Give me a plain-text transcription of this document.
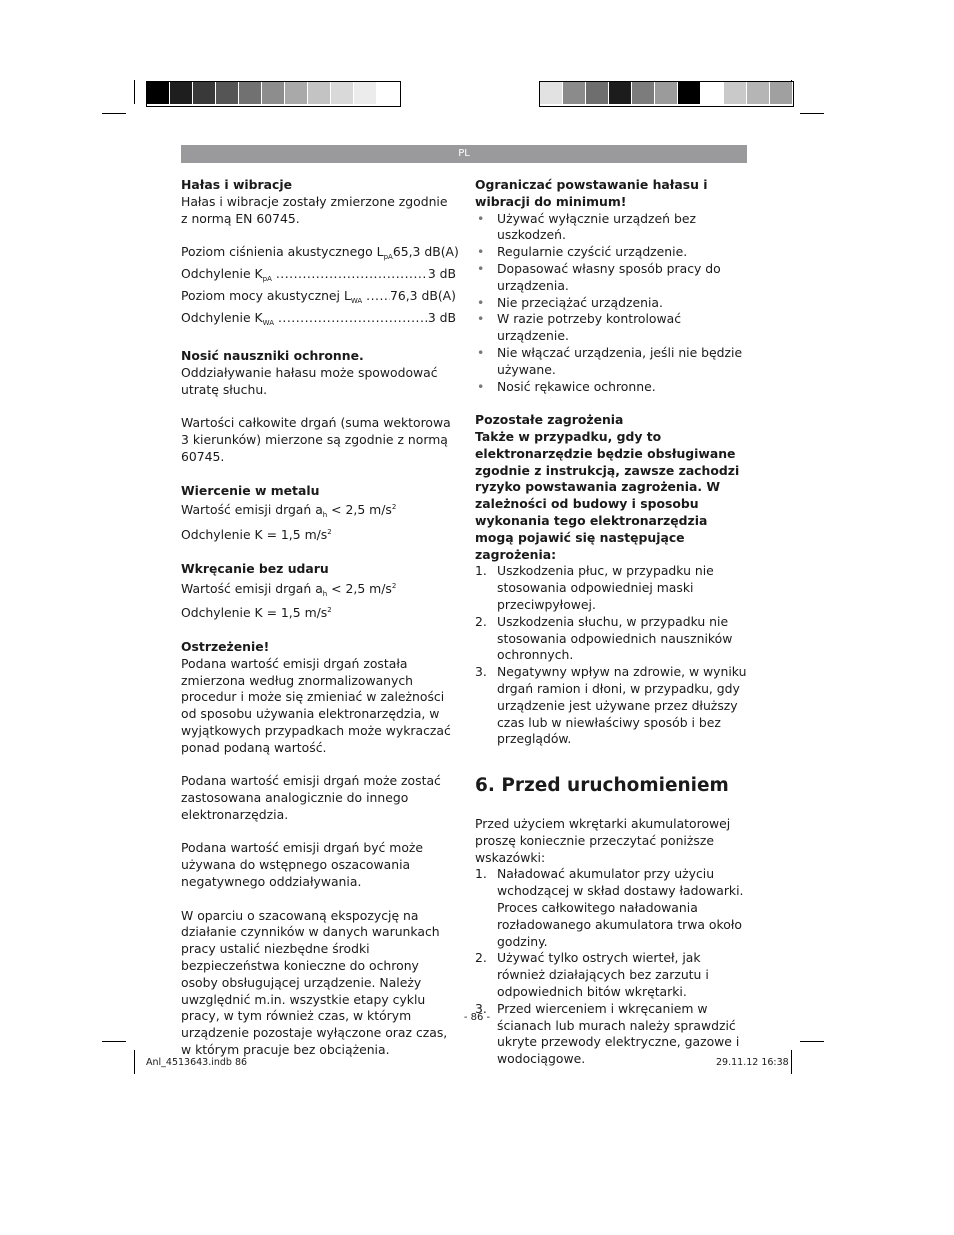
PL

Hałas i wibracje

Hałas i wibracje zostały zmierzone zgodnie z normą EN 60745.

Poziom ciśnienia akustycznego $L_{pA}$ 65,3 dB(A)
Odchylenie $K_{pA}$ .....	3 dB
Poziom mocy akustycznej $L_{WA}$ .....	76,3 dB(A)
Odchylenie $K_{WA}$ .....	3 dB

Nosić nauszniki ochronne.

Oddziaływanie hałasu może spowodować utratę słuchu.

Wartości całkowite drgań (suma wektorowa 3 kierunków) mierzone są zgodnie z normą 60745.

Wiercenie w metalu

Wartość emisji drgań $a_h < 2,5$ $m/s^2$

Odchylenie K = 1,5 $m/s^2$

Wkręcanie bez udaru

Wartość emisji drgań $a_h < 2,5$ $m/s^2$

Odchylenie K = 1,5 $m/s^2$

Ostrzeżenie!

Podana wartość emisji drgań została zmierzona według znormalizowanych procedur i może się zmieniać w zależności od sposobu używania elektronarzędzia, w wyjątkowych przypadkach może wykraczać ponad podaną wartość.

Podana wartość emisji drgań może zostać zastosowana analogicznie do innego elektronarzędzia.

Podana wartość emisji drgań być może używana do wstępnego oszacowania negatywnego oddziaływania.

W oparciu o szacowaną ekspozycję na działanie czynników w danych warunkach pracy ustalić niezbędne środki bezpieczeństwa konieczne do ochrony osoby obsługującej urządzenie. Należy uwzględnić m.in. wszystkie etapy cyklu pracy, w tym również czas, w którym urządzenie pozostaje wyłączone oraz czas, w którym pracuje bez obciążenia.

Ograniczać powstawanie hałasu i wibracji do minimum!

• Używać wyłącznie urządzeń bez uszkodzeń.
• Regularnie czyścić urządzenie.
• Dopasować własny sposób pracy do urządzenia.
• Nie przeciążać urządzenia.
• W razie potrzeby kontrolować urządzenie.
• Nie włączać urządzenia, jeśli nie będzie używane.
• Nosić rękawice ochronne.

Pozostałe zagrożenia

Także w przypadku, gdy to elektronarzędzie będzie obsługiwane zgodnie z instrukcją, zawsze zachodzi ryzyko powstawania zagrożenia. W zależności od budowy i sposobu wykonania tego elektronarzędzia mogą pojawić się następujące zagrożenia:

1. Uszkodzenia płuc, w przypadku nie stosowania odpowiedniej maski przeciwpyłowej.
2. Uszkodzenia słuchu, w przypadku nie stosowania odpowiednich nauszników ochronnych.
3. Negatywny wpływ na zdrowie, w wyniku drgań ramion i dłoni, w przypadku, gdy urządzenie jest używane przez dłuższy czas lub w niewłaściwy sposób i bez przeglądów.

6. Przed uruchomieniem

Przed użyciem wkrętarki akumulatorowej proszę koniecznie przeczytać poniższe wskazówki:

1. Naładować akumulator przy użyciu wchodzącej w skład dostawy ładowarki. Proces całkowitego naładowania rozładowanego akumulatora trwa około godziny.
2. Używać tylko ostrych wierteł, jak również działających bez zarzutu i odpowiednich bitów wkrętarki.
3. Przed wierceniem i wkręcaniem w ścianach lub murach należy sprawdzić ukryte przewody elektryczne, gazowe i wodociągowe.
- 86 -
Anl_4513643.indb 86	29.11.12 16:38
